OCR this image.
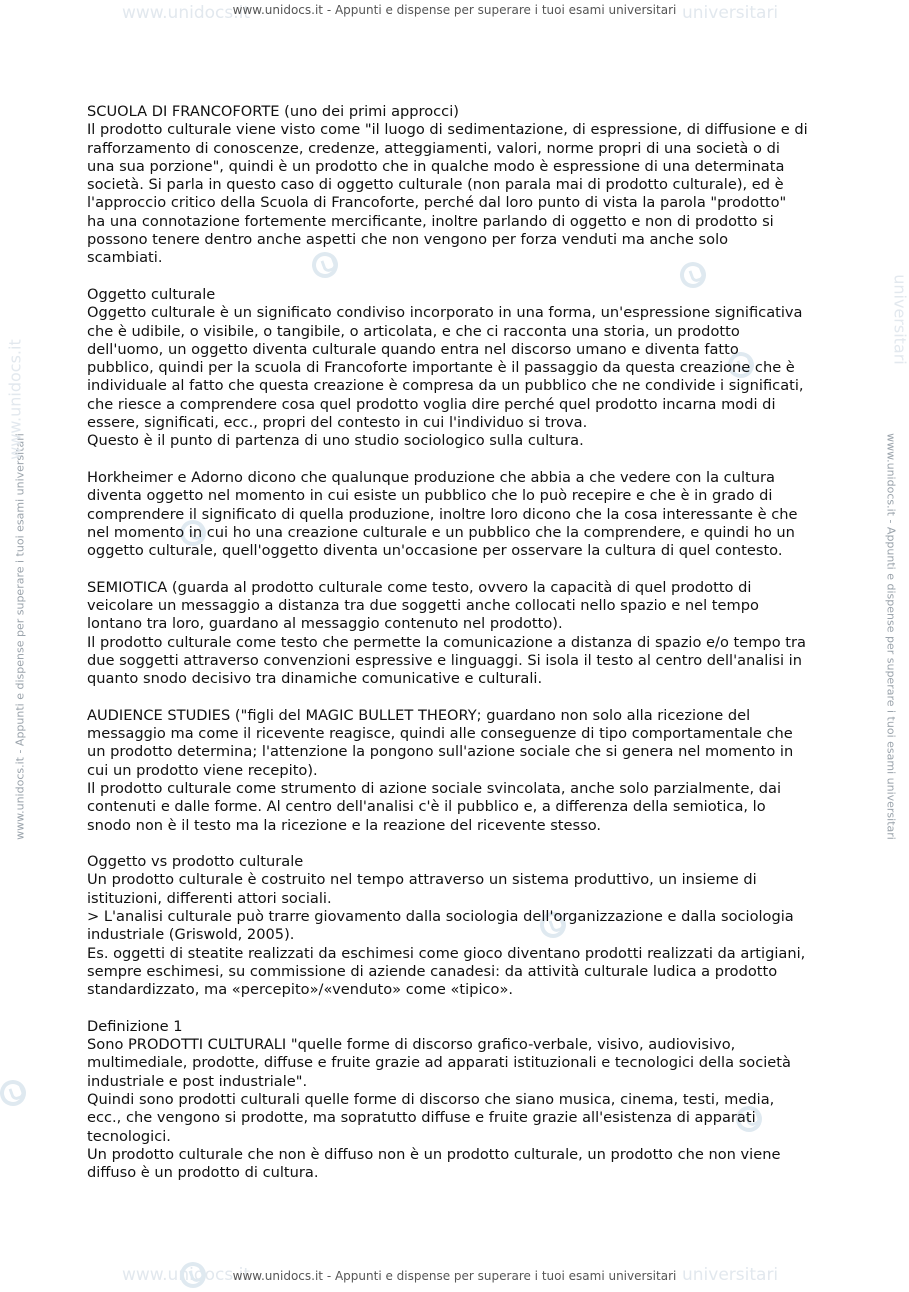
www.unidocs.it	universitari
www.unidocs.it	universitari
www.unidocs.it - Appunti e dispense per superare i tuoi esami universitari
www.unidocs.it - Appunti e dispense per superare i tuoi esami universitari
www.unidocs.it - Appunti e dispense per superare i tuoi esami universitari	www.unidocs.it - Appunti e dispense per superare i tuoi esami universitari
www.unidocs.it
universitari

SCUOLA DI FRANCOFORTE (uno dei primi approcci)
Il prodotto culturale viene visto come "il luogo di sedimentazione, di espressione, di diffusione e di
rafforzamento di conoscenze, credenze, atteggiamenti, valori, norme propri di una società o di
una sua porzione", quindi è un prodotto che in qualche modo è espressione di una determinata
società. Si parla in questo caso di oggetto culturale (non parala mai di prodotto culturale), ed è
l'approccio critico della Scuola di Francoforte, perché dal loro punto di vista la parola "prodotto"
ha una connotazione fortemente mercificante, inoltre parlando di oggetto e non di prodotto si
possono tenere dentro anche aspetti che non vengono per forza venduti ma anche solo
scambiati.

Oggetto culturale
Oggetto culturale è un significato condiviso incorporato in una forma, un'espressione significativa
che è udibile, o visibile, o tangibile, o articolata, e che ci racconta una storia, un prodotto
dell'uomo, un oggetto diventa culturale quando entra nel discorso umano e diventa fatto
pubblico, quindi per la scuola di Francoforte importante è il passaggio da questa creazione che è
individuale al fatto che questa creazione è compresa da un pubblico che ne condivide i significati,
che riesce a comprendere cosa quel prodotto voglia dire perché quel prodotto incarna modi di
essere, significati, ecc., propri del contesto in cui l'individuo si trova.
Questo è il punto di partenza di uno studio sociologico sulla cultura.

Horkheimer e Adorno dicono che qualunque produzione che abbia a che vedere con la cultura
diventa oggetto nel momento in cui esiste un pubblico che lo può recepire e che è in grado di
comprendere il significato di quella produzione, inoltre loro dicono che la cosa interessante è che
nel momento in cui ho una creazione culturale e un pubblico che la comprendere, e quindi ho un
oggetto culturale, quell'oggetto diventa un'occasione per osservare la cultura di quel contesto.

SEMIOTICA (guarda al prodotto culturale come testo, ovvero la capacità di quel prodotto di
veicolare un messaggio a distanza tra due soggetti anche collocati nello spazio e nel tempo
lontano tra loro, guardano al messaggio contenuto nel prodotto).
Il prodotto culturale come testo che permette la comunicazione a distanza di spazio e/o tempo tra
due soggetti attraverso convenzioni espressive e linguaggi. Si isola il testo al centro dell'analisi in
quanto snodo decisivo tra dinamiche comunicative e culturali.

AUDIENCE STUDIES ("figli del MAGIC BULLET THEORY; guardano non solo alla ricezione del
messaggio ma come il ricevente reagisce, quindi alle conseguenze di tipo comportamentale che
un prodotto determina; l'attenzione la pongono sull'azione sociale che si genera nel momento in
cui un prodotto viene recepito).
Il prodotto culturale come strumento di azione sociale svincolata, anche solo parzialmente, dai
contenuti e dalle forme. Al centro dell'analisi c'è il pubblico e, a differenza della semiotica, lo
snodo non è il testo ma la ricezione e la reazione del ricevente stesso.

Oggetto vs prodotto culturale
Un prodotto culturale è costruito nel tempo attraverso un sistema produttivo, un insieme di
istituzioni, differenti attori sociali.
> L'analisi culturale può trarre giovamento dalla sociologia dell'organizzazione e dalla sociologia
industriale (Griswold, 2005).
Es. oggetti di steatite realizzati da eschimesi come gioco diventano prodotti realizzati da artigiani,
sempre eschimesi, su commissione di aziende canadesi: da attività culturale ludica a prodotto
standardizzato, ma «percepito»/«venduto» come «tipico».

Definizione 1
Sono PRODOTTI CULTURALI "quelle forme di discorso grafico-verbale, visivo, audiovisivo,
multimediale, prodotte, diffuse e fruite grazie ad apparati istituzionali e tecnologici della società
industriale e post industriale".
Quindi sono prodotti culturali quelle forme di discorso che siano musica, cinema, testi, media,
ecc., che vengono si prodotte, ma sopratutto diffuse e fruite grazie all'esistenza di apparati
tecnologici.
Un prodotto culturale che non è diffuso non è un prodotto culturale, un prodotto che non viene
diffuso è un prodotto di cultura.
